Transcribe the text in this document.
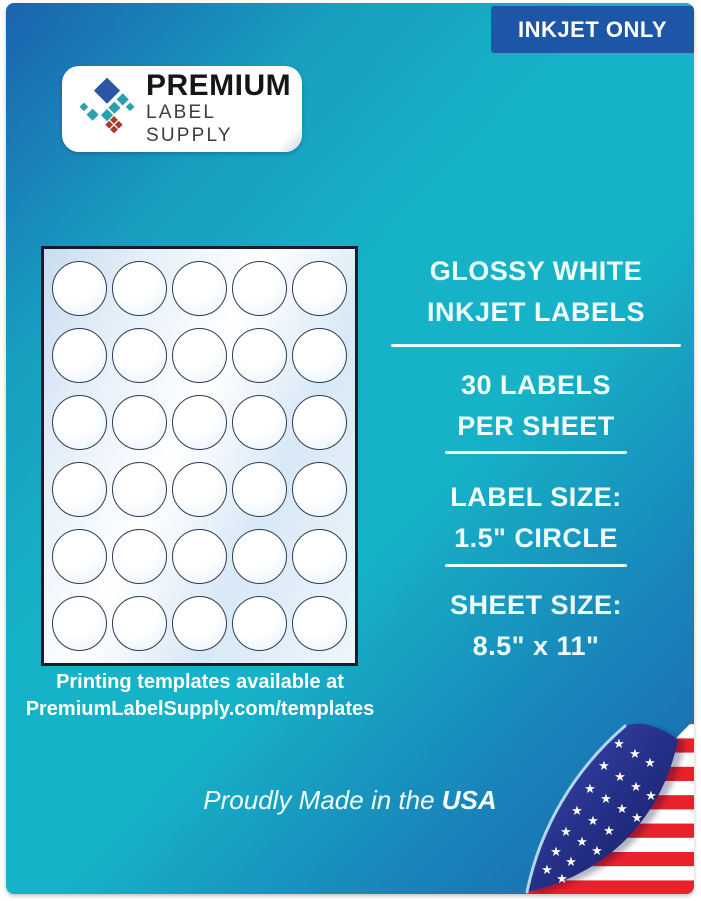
INKJET ONLY
PREMIUM
LABEL SUPPLY
Printing templates available at
PremiumLabelSupply.com/templates
GLOSSY WHITE
INKJET LABELS
30 LABELS
PER SHEET
LABEL SIZE:
1.5" CIRCLE
SHEET SIZE:
8.5" x 11"
Proudly Made in the USA
★
★
★
★
★
★
★
★
★
★
★
★
★
★
★
★
★
★
★
★
★
